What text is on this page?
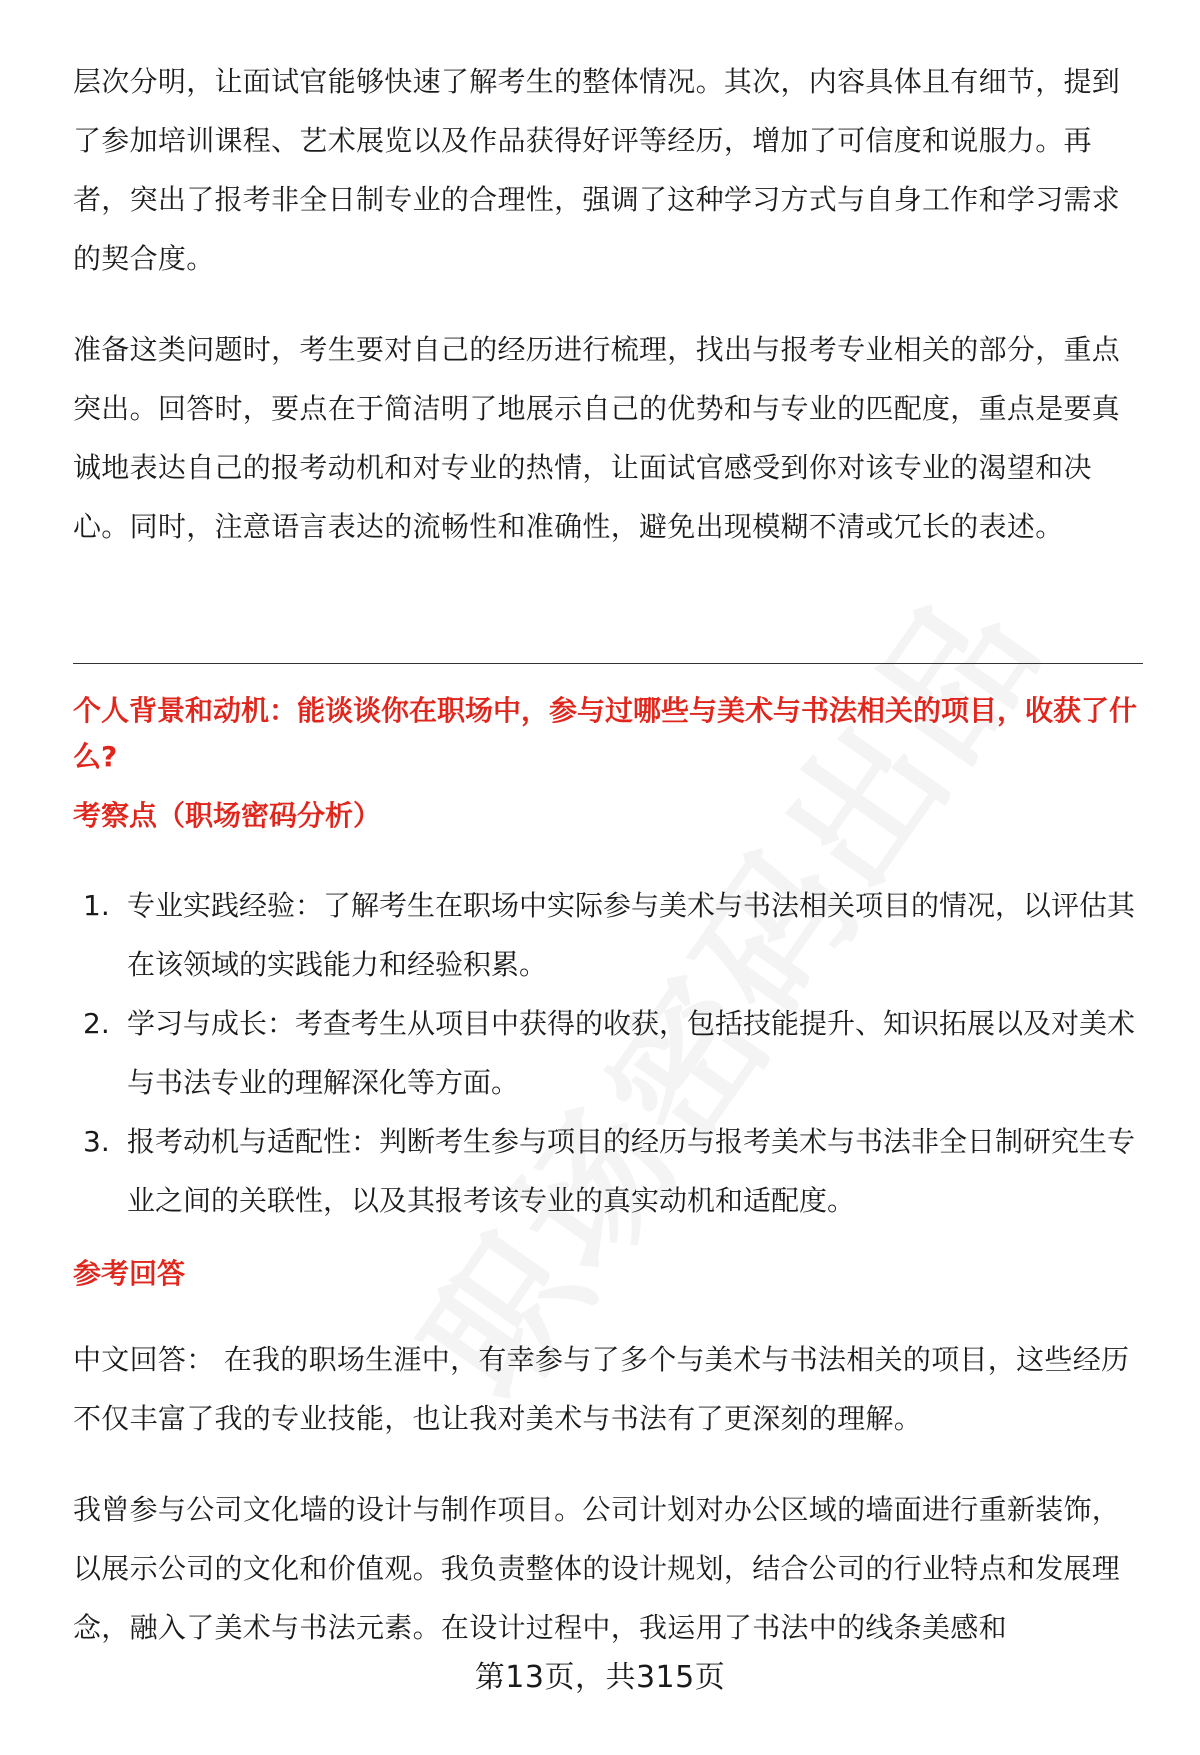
层次分明，让面试官能够快速了解考生的整体情况。其次，内容具体且有细节，提到了参加培训课程、艺术展览以及作品获得好评等经历，增加了可信度和说服力。再者，突出了报考非全日制专业的合理性，强调了这种学习方式与自身工作和学习需求的契合度。

准备这类问题时，考生要对自己的经历进行梳理，找出与报考专业相关的部分，重点突出。回答时，要点在于简洁明了地展示自己的优势和与专业的匹配度，重点是要真诚地表达自己的报考动机和对专业的热情，让面试官感受到你对该专业的渴望和决心。同时，注意语言表达的流畅性和准确性，避免出现模糊不清或冗长的表述。

个人背景和动机：能谈谈你在职场中，参与过哪些与美术与书法相关的项目，收获了什么?

考察点（职场密码分析）

1. 专业实践经验：了解考生在职场中实际参与美术与书法相关项目的情况，以评估其在该领域的实践能力和经验积累。
2. 学习与成长：考查考生从项目中获得的收获，包括技能提升、知识拓展以及对美术与书法专业的理解深化等方面。
3. 报考动机与适配性：判断考生参与项目的经历与报考美术与书法非全日制研究生专业之间的关联性，以及其报考该专业的真实动机和适配度。

参考回答

中文回答： 在我的职场生涯中，有幸参与了多个与美术与书法相关的项目，这些经历不仅丰富了我的专业技能，也让我对美术与书法有了更深刻的理解。

我曾参与公司文化墙的设计与制作项目。公司计划对办公区域的墙面进行重新装饰，以展示公司的文化和价值观。我负责整体的设计规划，结合公司的行业特点和发展理念，融入了美术与书法元素。在设计过程中，我运用了书法中的线条美感和

第13页，共315页
